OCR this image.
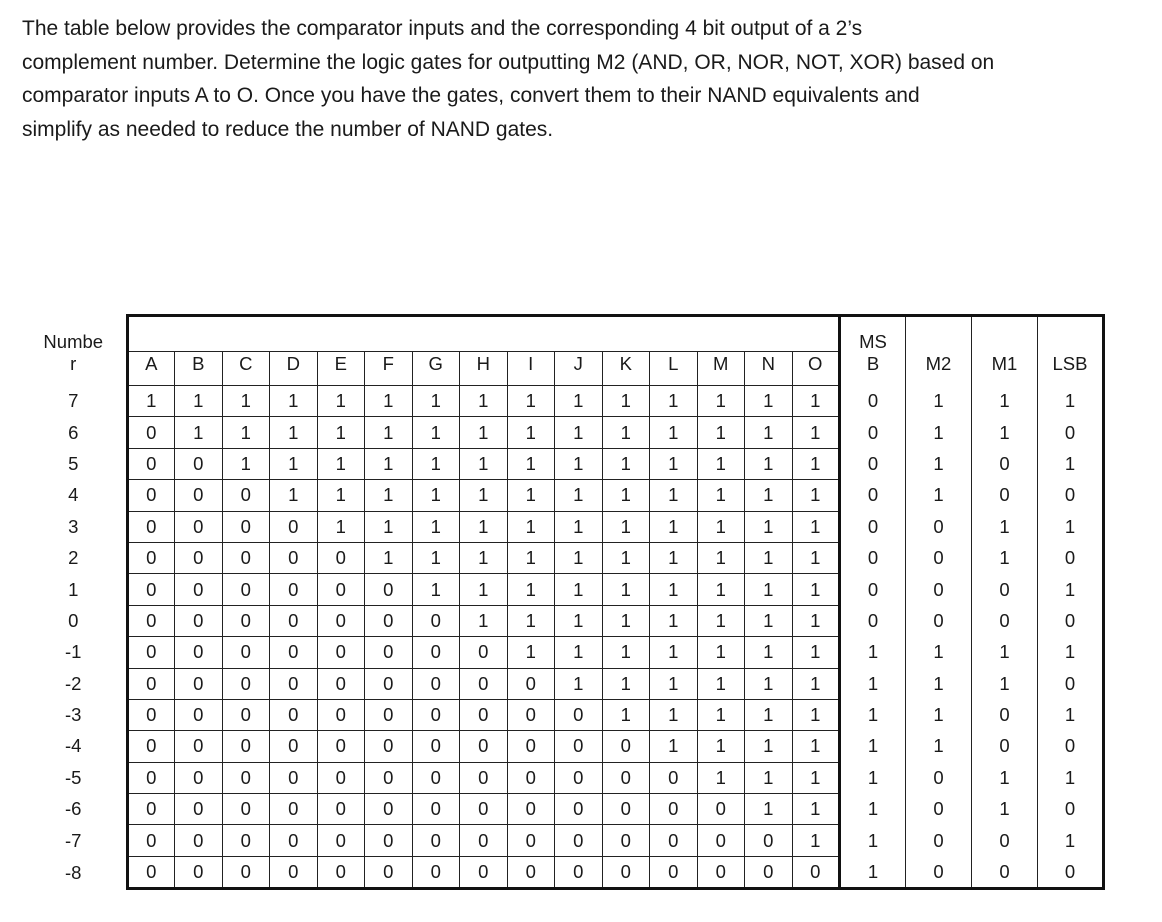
The table below provides the comparator inputs and the corresponding 4 bit output of a 2’s
complement number. Determine the logic gates for outputting M2 (AND, OR, NOR, NOT, XOR) based on
comparator inputs A to O. Once you have the gates, convert them to their NAND equivalents and
simplify as needed to reduce the number of NAND gates.
Numbe																MS			
r	A	B	C	D	E	F	G	H	I	J	K	L	M	N	O	B	M2	M1	LSB
7	1	1	1	1	1	1	1	1	1	1	1	1	1	1	1	0	1	1	1
6	0	1	1	1	1	1	1	1	1	1	1	1	1	1	1	0	1	1	0
5	0	0	1	1	1	1	1	1	1	1	1	1	1	1	1	0	1	0	1
4	0	0	0	1	1	1	1	1	1	1	1	1	1	1	1	0	1	0	0
3	0	0	0	0	1	1	1	1	1	1	1	1	1	1	1	0	0	1	1
2	0	0	0	0	0	1	1	1	1	1	1	1	1	1	1	0	0	1	0
1	0	0	0	0	0	0	1	1	1	1	1	1	1	1	1	0	0	0	1
0	0	0	0	0	0	0	0	1	1	1	1	1	1	1	1	0	0	0	0
-1	0	0	0	0	0	0	0	0	1	1	1	1	1	1	1	1	1	1	1
-2	0	0	0	0	0	0	0	0	0	1	1	1	1	1	1	1	1	1	0
-3	0	0	0	0	0	0	0	0	0	0	1	1	1	1	1	1	1	0	1
-4	0	0	0	0	0	0	0	0	0	0	0	1	1	1	1	1	1	0	0
-5	0	0	0	0	0	0	0	0	0	0	0	0	1	1	1	1	0	1	1
-6	0	0	0	0	0	0	0	0	0	0	0	0	0	1	1	1	0	1	0
-7	0	0	0	0	0	0	0	0	0	0	0	0	0	0	1	1	0	0	1
-8	0	0	0	0	0	0	0	0	0	0	0	0	0	0	0	1	0	0	0
